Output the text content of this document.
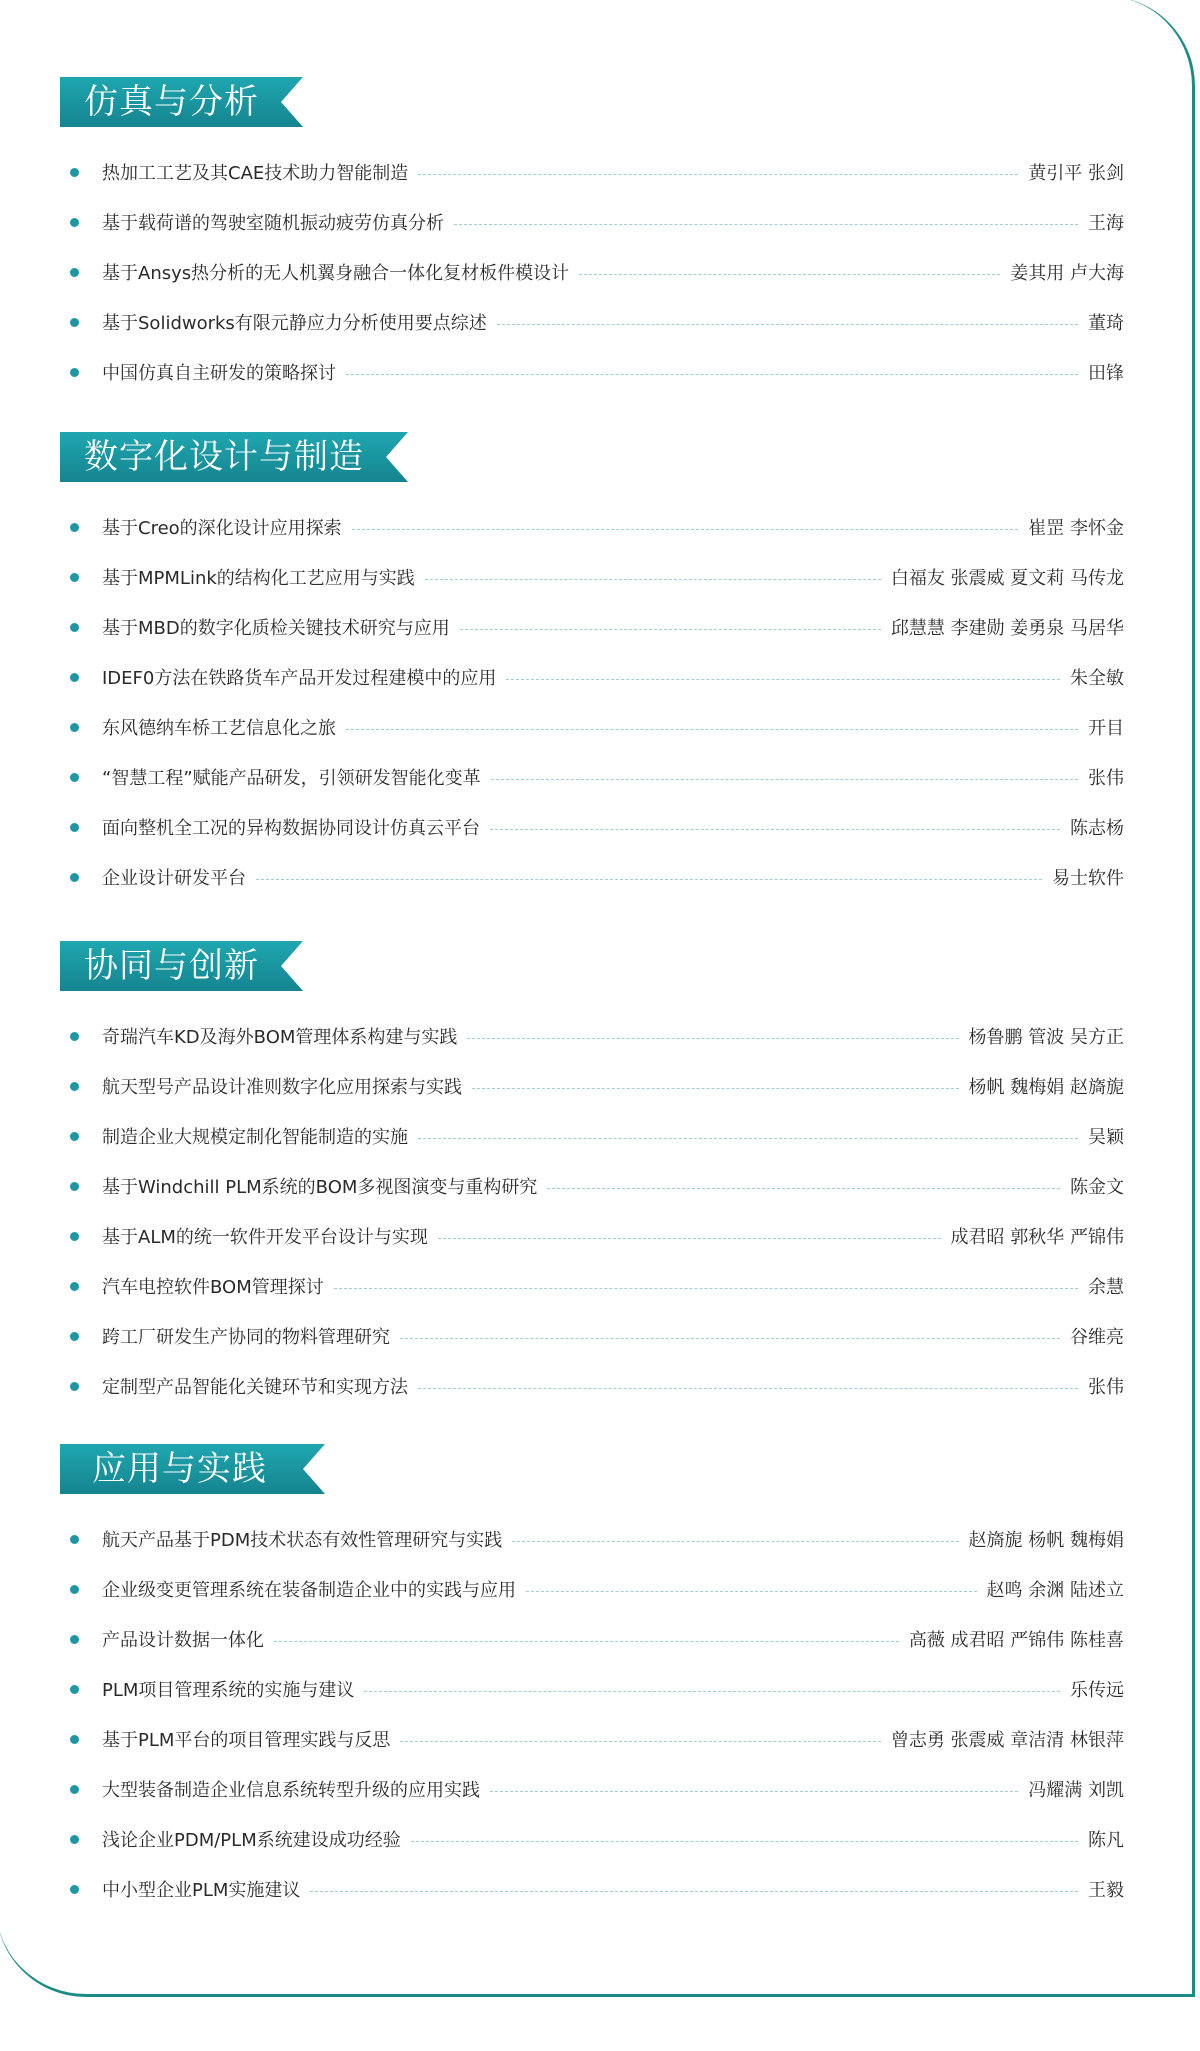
仿真与分析
热加工工艺及其CAE技术助力智能制造	黄引平 张剑
基于载荷谱的驾驶室随机振动疲劳仿真分析	王海
基于Ansys热分析的无人机翼身融合一体化复材板件模设计	姜其用 卢大海
基于Solidworks有限元静应力分析使用要点综述	董琦
中国仿真自主研发的策略探讨	田锋
数字化设计与制造
基于Creo的深化设计应用探索	崔罡 李怀金
基于MPMLink的结构化工艺应用与实践	白福友 张震威 夏文莉 马传龙
基于MBD的数字化质检关键技术研究与应用	邱慧慧 李建勋 姜勇泉 马居华
IDEF0方法在铁路货车产品开发过程建模中的应用	朱全敏
东风德纳车桥工艺信息化之旅	开目
“智慧工程”赋能产品研发，引领研发智能化变革	张伟
面向整机全工况的异构数据协同设计仿真云平台	陈志杨
企业设计研发平台	易士软件
协同与创新
奇瑞汽车KD及海外BOM管理体系构建与实践	杨鲁鹏 管波 吴方正
航天型号产品设计准则数字化应用探索与实践	杨帆 魏梅娟 赵旖旎
制造企业大规模定制化智能制造的实施	吴颖
基于Windchill PLM系统的BOM多视图演变与重构研究	陈金文
基于ALM的统一软件开发平台设计与实现	成君昭 郭秋华 严锦伟
汽车电控软件BOM管理探讨	余慧
跨工厂研发生产协同的物料管理研究	谷维亮
定制型产品智能化关键环节和实现方法	张伟
应用与实践
航天产品基于PDM技术状态有效性管理研究与实践	赵旖旎 杨帆 魏梅娟
企业级变更管理系统在装备制造企业中的实践与应用	赵鸣 余渊 陆述立
产品设计数据一体化	高薇 成君昭 严锦伟 陈桂喜
PLM项目管理系统的实施与建议	乐传远
基于PLM平台的项目管理实践与反思	曾志勇 张震威 章洁清 林银萍
大型装备制造企业信息系统转型升级的应用实践	冯耀满 刘凯
浅论企业PDM/PLM系统建设成功经验	陈凡
中小型企业PLM实施建议	王毅
